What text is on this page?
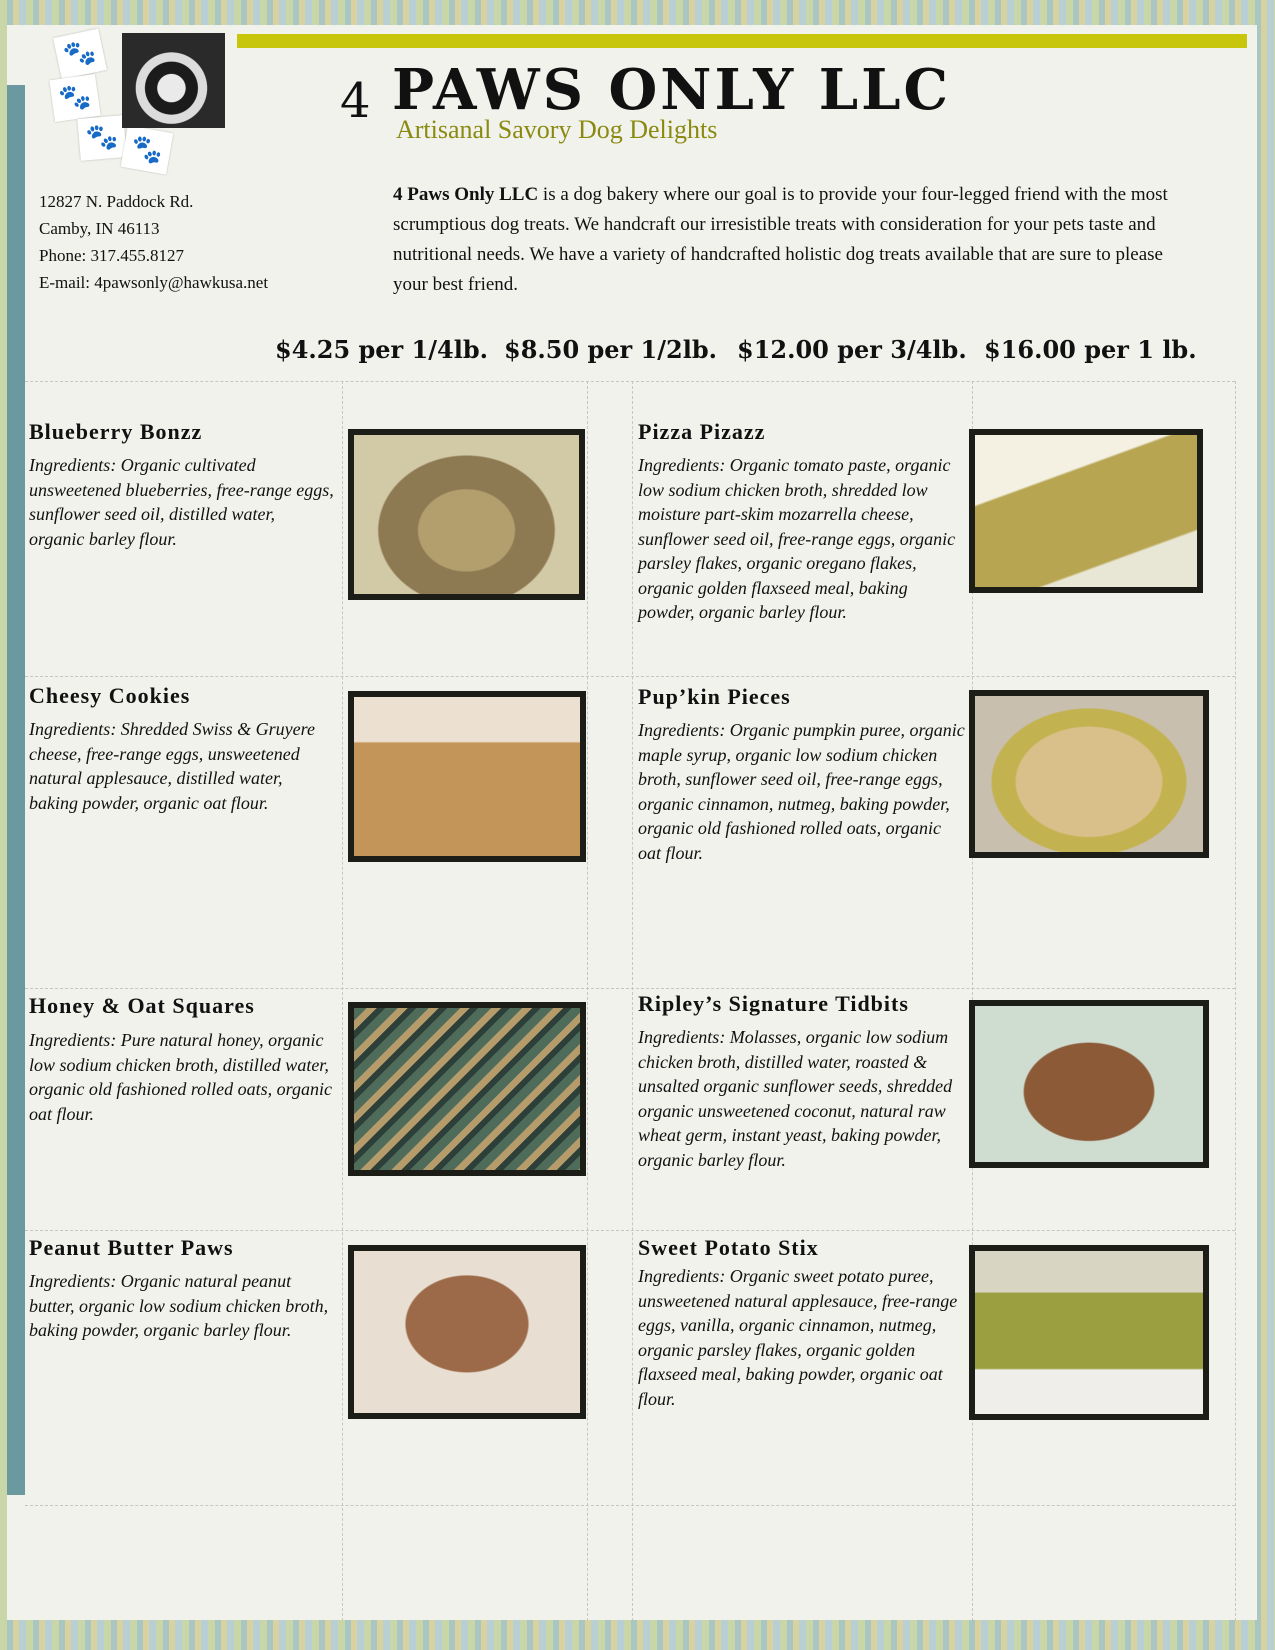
🐾
🐾
🐾 🐾
4 PAWS ONLY LLC
Artisanal Savory Dog Delights
12827 N. Paddock Rd.
Camby, IN 46113
Phone: 317.455.8127
E-mail: 4pawsonly@hawkusa.net
4 Paws Only LLC is a dog bakery where our goal is to provide your four-legged friend with the most scrumptious dog treats. We handcraft our irresistible treats with consideration for your pets taste and nutritional needs. We have a variety of handcrafted holistic dog treats available that are sure to please your best friend.
$4.25 per 1/4lb. $8.50 per 1/2lb. $12.00 per 3/4lb. $16.00 per 1 lb.
Blueberry Bonzz
Ingredients: Organic cultivated unsweetened blueberries, free-range eggs, sunflower seed oil, distilled water, organic barley flour.
Pizza Pizazz
Ingredients: Organic tomato paste, organic low sodium chicken broth, shredded low moisture part-skim mozarrella cheese, sunflower seed oil, free-range eggs, organic parsley flakes, organic oregano flakes, organic golden flaxseed meal, baking powder, organic barley flour.
Cheesy Cookies
Ingredients: Shredded Swiss & Gruyere cheese, free-range eggs, unsweetened natural applesauce, distilled water, baking powder, organic oat flour.
Pup’kin Pieces
Ingredients: Organic pumpkin puree, organic maple syrup, organic low sodium chicken broth, sunflower seed oil, free-range eggs, organic cinnamon, nutmeg, baking powder, organic old fashioned rolled oats, organic oat flour.
Honey & Oat Squares
Ingredients: Pure natural honey, organic low sodium chicken broth, distilled water, organic old fashioned rolled oats, organic oat flour.
Ripley’s Signature Tidbits
Ingredients: Molasses, organic low sodium chicken broth, distilled water, roasted & unsalted organic sunflower seeds, shredded organic unsweetened coconut, natural raw wheat germ, instant yeast, baking powder, organic barley flour.
Peanut Butter Paws
Ingredients: Organic natural peanut butter, organic low sodium chicken broth, baking powder, organic barley flour.
Sweet Potato Stix
Ingredients: Organic sweet potato puree, unsweetened natural applesauce, free-range eggs, vanilla, organic cinnamon, nutmeg, organic parsley flakes, organic golden flaxseed meal, baking powder, organic oat flour.
